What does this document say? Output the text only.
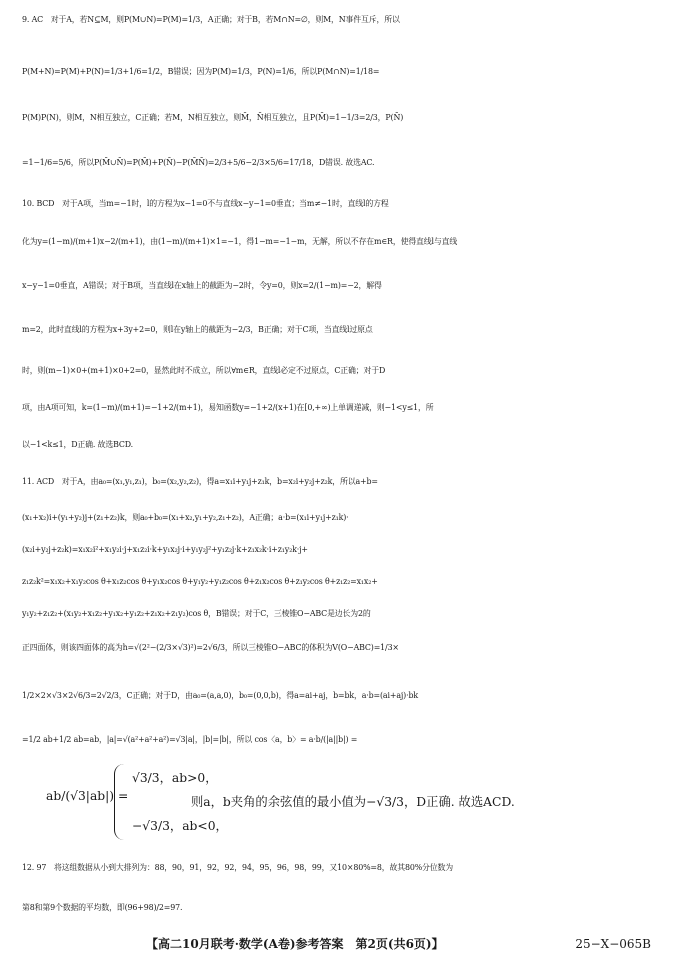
9. AC　对于A，若N⊆M，则P(M∪N)=P(M)=1/3，A正确；对于B，若M∩N=∅，则M，N事件互斥，所以
P(M+N)=P(M)+P(N)=1/3+1/6=1/2，B错误；因为P(M)=1/3，P(N)=1/6，所以P(M∩N)=1/18=
P(M)P(N)，则M，N相互独立，C正确；若M，N相互独立，则M̄，N̄相互独立，且P(M̄)=1−1/3=2/3，P(N̄)
=1−1/6=5/6，所以P(M̄∪N̄)=P(M̄)+P(N̄)−P(M̄N̄)=2/3+5/6−2/3×5/6=17/18，D错误. 故选AC.
10. BCD　对于A项，当m=−1时，l的方程为x−1=0不与直线x−y−1=0垂直；当m≠−1时，直线l的方程
化为y=(1−m)/(m+1)x−2/(m+1)，由(1−m)/(m+1)×1=−1，得1−m=−1−m，无解，所以不存在m∈R，使得直线l与直线
x−y−1=0垂直，A错误；对于B项，当直线l在x轴上的截距为−2时，令y=0，则x=2/(1−m)=−2，解得
m=2，此时直线l的方程为x+3y+2=0，则l在y轴上的截距为−2/3，B正确；对于C项，当直线l过原点
时，则(m−1)×0+(m+1)×0+2=0，显然此时不成立，所以∀m∈R，直线l必定不过原点，C正确；对于D
项，由A项可知，k=(1−m)/(m+1)=−1+2/(m+1)，易知函数y=−1+2/(x+1)在[0,+∞)上单调递减，则−1<y≤1，所
以−1<k≤1，D正确. 故选BCD.
11. ACD　对于A，由a₀=(x₁,y₁,z₁)，b₀=(x₂,y₂,z₂)，得a=x₁i+y₁j+z₁k，b=x₂i+y₂j+z₂k，所以a+b=
(x₁+x₂)i+(y₁+y₂)j+(z₁+z₂)k，则a₀+b₀=(x₁+x₂,y₁+y₂,z₁+z₂)，A正确；a·b=(x₁i+y₁j+z₁k)·
(x₂i+y₂j+z₂k)=x₁x₂i²+x₁y₂i·j+x₁z₂i·k+y₁x₂j·i+y₁y₂j²+y₁z₂j·k+z₁x₂k·i+z₁y₂k·j+
z₁z₂k²=x₁x₂+x₁y₂cos θ+x₁z₂cos θ+y₁x₂cos θ+y₁y₂+y₁z₂cos θ+z₁x₂cos θ+z₁y₂cos θ+z₁z₂=x₁x₂+
y₁y₂+z₁z₂+(x₁y₂+x₁z₂+y₁x₂+y₁z₂+z₁x₂+z₁y₂)cos θ，B错误；对于C，三棱锥O−ABC是边长为2的
正四面体，则该四面体的高为h=√(2²−(2/3×√3)²)=2√6/3，所以三棱锥O−ABC的体积为V(O−ABC)=1/3×
1/2×2×√3×2√6/3=2√2/3，C正确；对于D，由a₀=(a,a,0)，b₀=(0,0,b)，得a=ai+aj，b=bk，a·b=(ai+aj)·bk
=1/2 ab+1/2 ab=ab，|a|=√(a²+a²+a²)=√3|a|，|b|=|b|，所以 cos〈a，b〉= a·b/(|a||b|) =
ab/(√3|ab|) =
√3/3，ab>0，
−√3/3，ab<0，
则a，b夹角的余弦值的最小值为−√3/3，D正确. 故选ACD.
12. 97　将这组数据从小到大排列为：88，90，91，92，92，94，95，96，98，99，又10×80%=8，故其80%分位数为
第8和第9个数据的平均数，即(96+98)/2=97.
【高二10月联考·数学(A卷)参考答案　第2页(共6页)】	25−X−065B
